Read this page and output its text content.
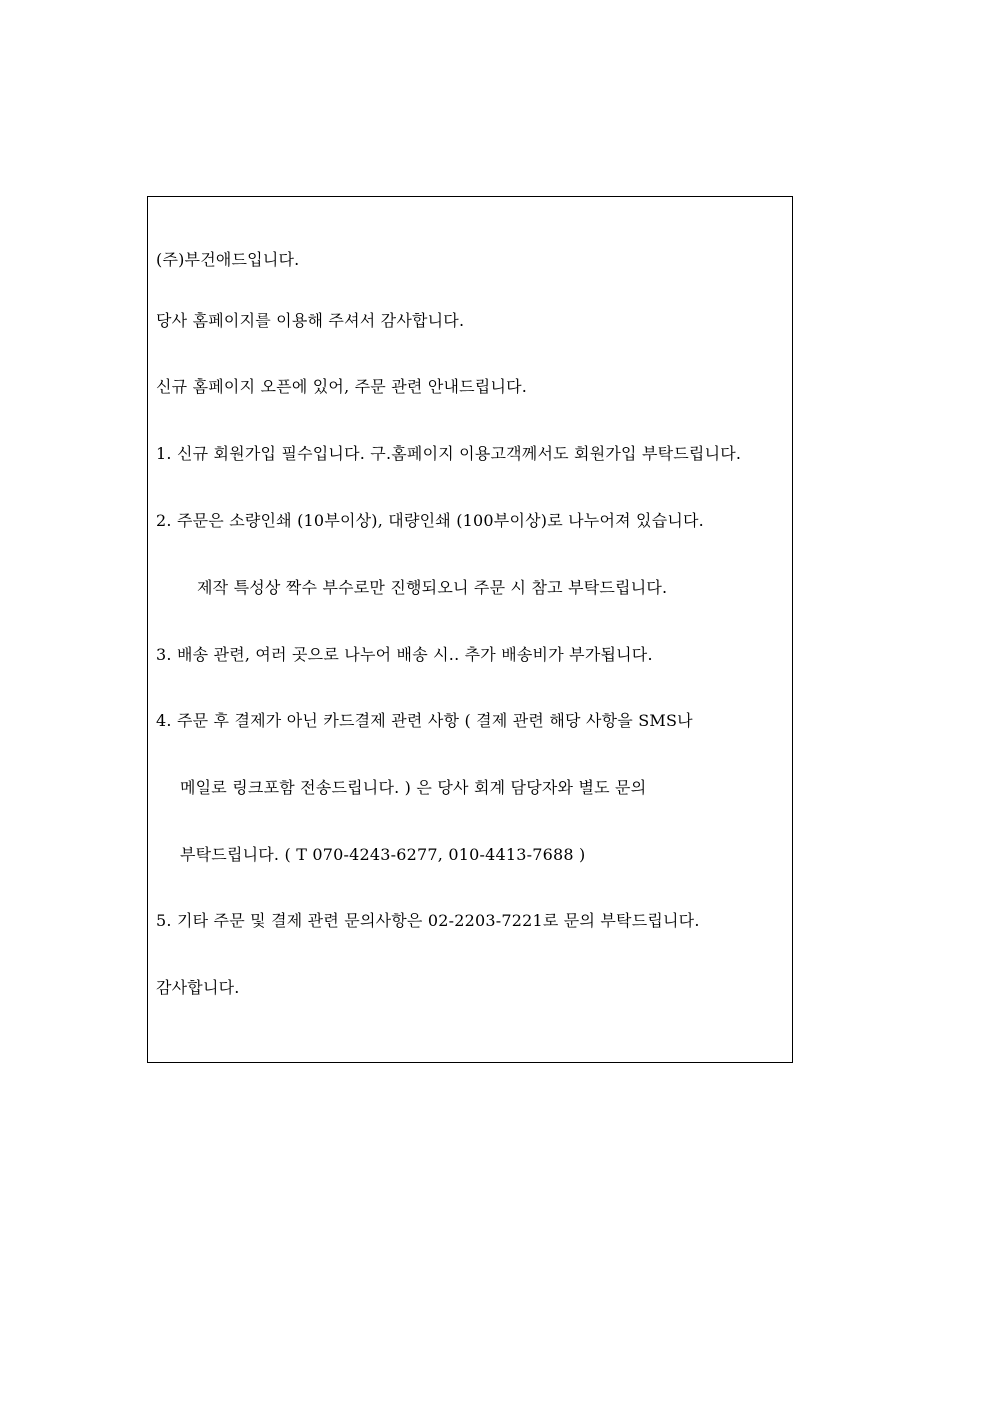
(주)부건애드입니다.
당사 홈페이지를 이용해 주셔서 감사합니다.
신규 홈페이지 오픈에 있어, 주문 관련 안내드립니다.
1. 신규 회원가입 필수입니다. 구.홈페이지 이용고객께서도 회원가입 부탁드립니다.
2. 주문은 소량인쇄 (10부이상), 대량인쇄 (100부이상)로 나누어져 있습니다.
제작 특성상 짝수 부수로만 진행되오니 주문 시 참고 부탁드립니다.
3. 배송 관련, 여러 곳으로 나누어 배송 시.. 추가 배송비가 부가됩니다.
4. 주문 후 결제가 아닌 카드결제 관련 사항 ( 결제 관련 해당 사항을 SMS나
메일로 링크포함 전송드립니다. ) 은 당사 회계 담당자와 별도 문의
부탁드립니다. ( T 070-4243-6277, 010-4413-7688 )
5. 기타 주문 및 결제 관련 문의사항은 02-2203-7221로 문의 부탁드립니다.
감사합니다.
